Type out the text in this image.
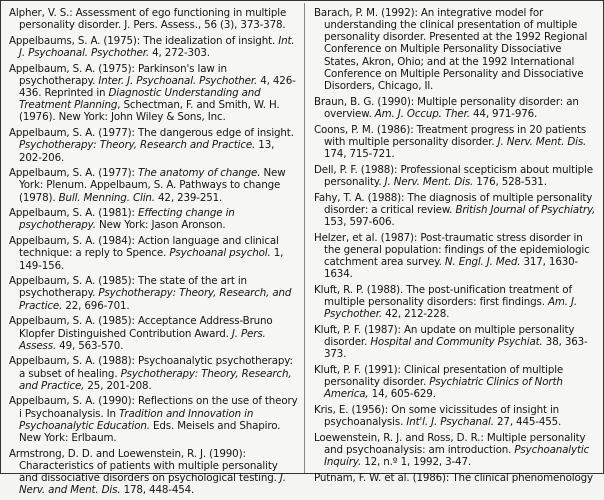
Alpher, V. S.: Assessment of ego functioning in multiple personality disorder. J. Pers. Assess., 56 (3), 373-378.

Appelbaums, S. A. (1975): The idealization of insight. Int. J. Psychoanal. Psychother. 4, 272-303.

Appelbaum, S. A. (1975): Parkinson's law in psychotherapy. Inter. J. Psychoanal. Psychother. 4, 426-436. Reprinted in Diagnostic Understanding and Treatment Planning, Schectman, F. and Smith, W. H. (1976). New York: John Wiley & Sons, Inc.

Appelbaum, S. A. (1977): The dangerous edge of insight. Psychotherapy: Theory, Research and Practice. 13, 202-206.

Appelbaum, S. A. (1977): The anatomy of change. New York: Plenum. Appelbaum, S. A. Pathways to change (1978). Bull. Menning. Clin. 42, 239-251.

Appelbaum, S. A. (1981): Effecting change in psychotherapy. New York: Jason Aronson.

Appelbaum, S. A. (1984): Action language and clinical technique: a reply to Spence. Psychoanal psychol. 1, 149-156.

Appelbaum, S. A. (1985): The state of the art in psychotherapy. Psychotherapy: Theory, Research, and Practice. 22, 696-701.

Appelbaum, S. A. (1985): Acceptance Address-Bruno Klopfer Distinguished Contribution Award. J. Pers. Assess. 49, 563-570.

Appelbaum, S. A. (1988): Psychoanalytic psychotherapy: a subset of healing. Psychotherapy: Theory, Research, and Practice, 25, 201-208.

Appelbaum, S. A. (1990): Reflections on the use of theory i Psychoanalysis. In Tradition and Innovation in Psychoanalytic Education. Eds. Meisels and Shapiro. New York: Erlbaum.

Armstrong, D. D. and Loewenstein, R. J. (1990): Characteristics of patients with multiple personality and dissociative disorders on psychological testing. J. Nerv. and Ment. Dis. 178, 448-454.

Barach, P. M. (1992): An integrative model for understanding the clinical presentation of multiple personality disorder. Presented at the 1992 Regional Conference on Multiple Personality Dissociative States, Akron, Ohio; and at the 1992 International Conference on Multiple Personality and Dissociative Disorders, Chicago, Il.

Braun, B. G. (1990): Multiple personality disorder: an overview. Am. J. Occup. Ther. 44, 971-976.

Coons, P. M. (1986): Treatment progress in 20 patients with multiple personality disorder. J. Nerv. Ment. Dis. 174, 715-721.

Dell, P. F. (1988): Professional scepticism about multiple personality. J. Nerv. Ment. Dis. 176, 528-531.

Fahy, T. A. (1988): The diagnosis of multiple personality disorder: a critical review. British Journal of Psychiatry, 153, 597-606.

Helzer, et al. (1987): Post-traumatic stress disorder in the general population: findings of the epidemiologic catchment area survey. N. Engl. J. Med. 317, 1630-1634.

Kluft, R. P. (1988). The post-unification treatment of multiple personality disorders: first findings. Am. J. Psychother. 42, 212-228.

Kluft, P. F. (1987): An update on multiple personality disorder. Hospital and Community Psychiat. 38, 363-373.

Kluft, P. F. (1991): Clinical presentation of multiple personality disorder. Psychiatric Clinics of North America, 14, 605-629.

Kris, E. (1956): On some vicissitudes of insight in psychoanalysis. Int'l. J. Psychanal. 27, 445-455.

Loewenstein, R. J. and Ross, D. R.: Multiple personality and psychoanalysis: am introduction. Psychoanalytic Inquiry. 12, n.º 1, 1992, 3-47.

Putnam, F. W. et al. (1986): The clinical phenomenology
